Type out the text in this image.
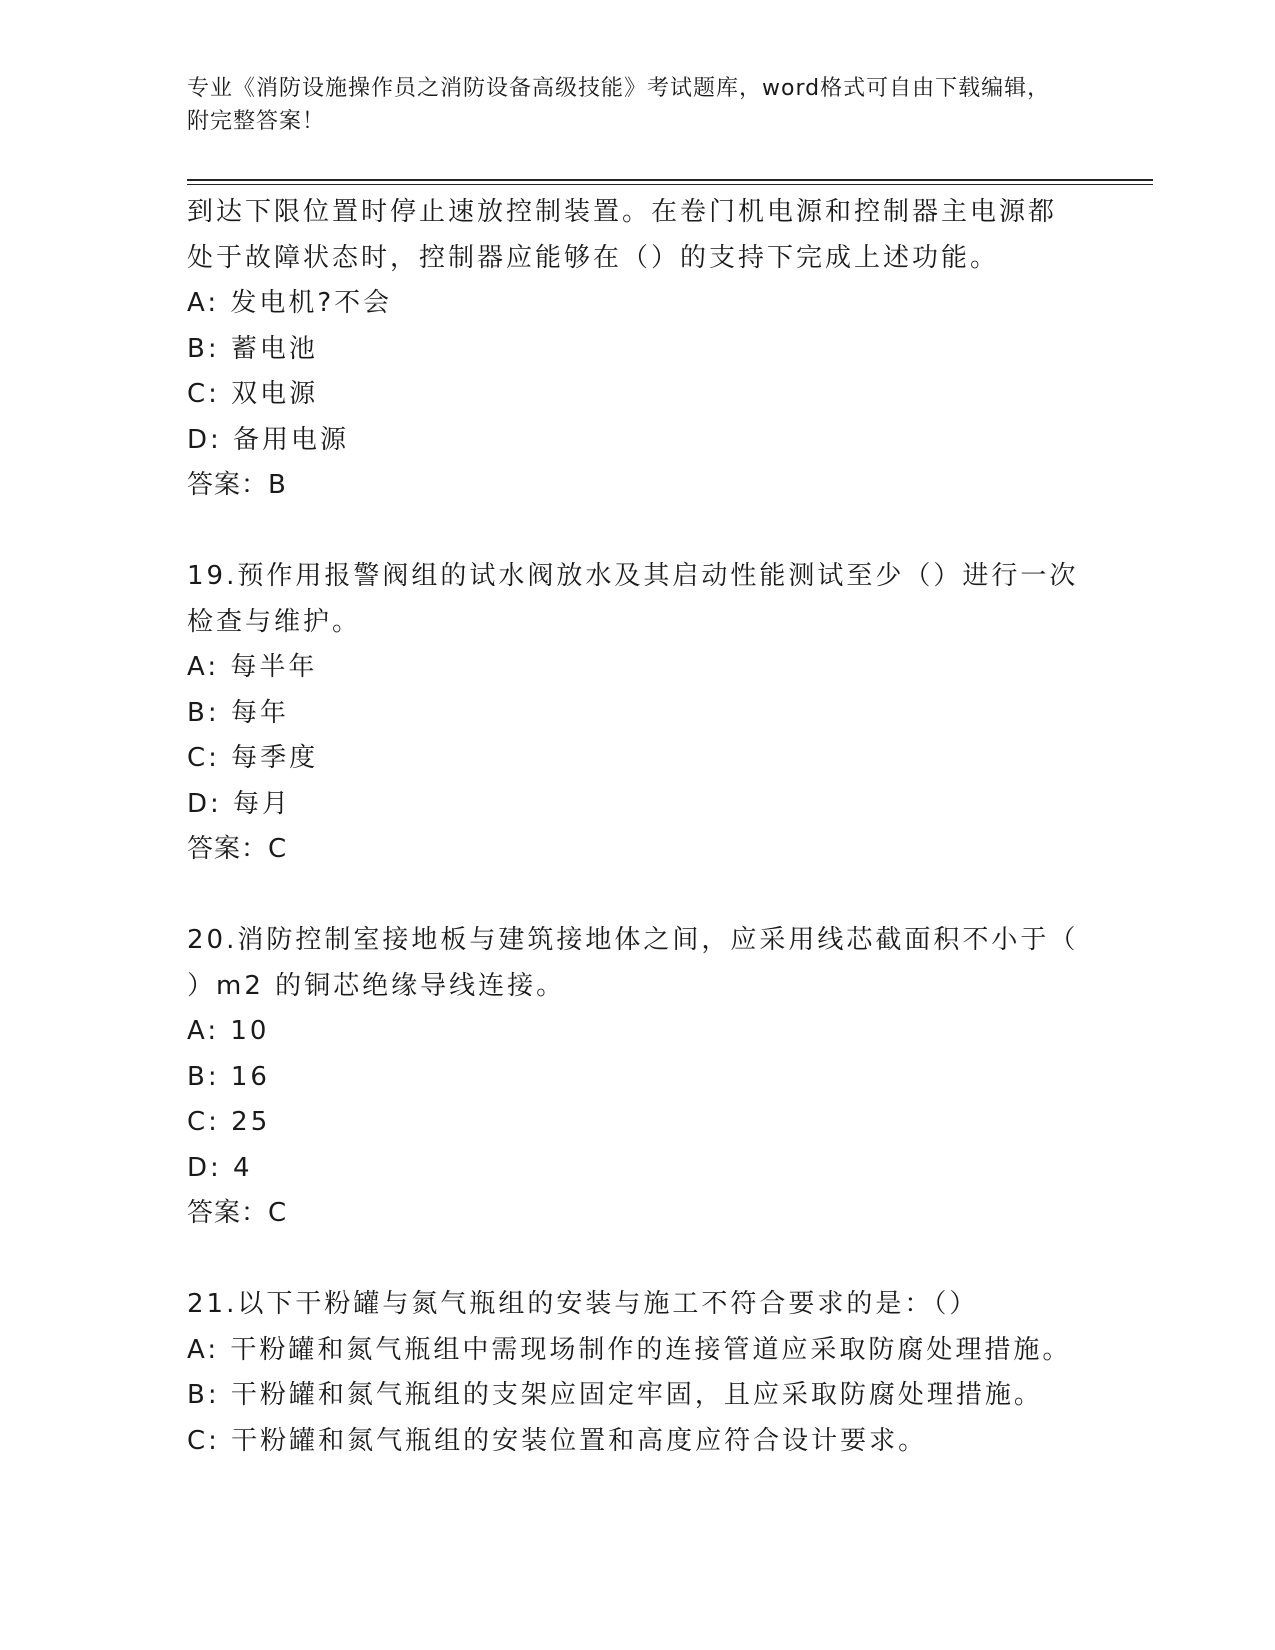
专业《消防设施操作员之消防设备高级技能》考试题库，word格式可自由下载编辑，附完整答案！

到达下限位置时停止速放控制装置。在卷门机电源和控制器主电源都

处于故障状态时，控制器应能够在（）的支持下完成上述功能。

A: 发电机?不会

B: 蓄电池

C: 双电源

D: 备用电源

答案：B

19.预作用报警阀组的试水阀放水及其启动性能测试至少（）进行一次

检查与维护。

A: 每半年

B: 每年

C: 每季度

D: 每月

答案：C

20.消防控制室接地板与建筑接地体之间，应采用线芯截面积不小于（

）m2 的铜芯绝缘导线连接。

A: 10

B: 16

C: 25

D: 4

答案：C

21.以下干粉罐与氮气瓶组的安装与施工不符合要求的是：（）

A: 干粉罐和氮气瓶组中需现场制作的连接管道应采取防腐处理措施。

B: 干粉罐和氮气瓶组的支架应固定牢固，且应采取防腐处理措施。

C: 干粉罐和氮气瓶组的安装位置和高度应符合设计要求。
